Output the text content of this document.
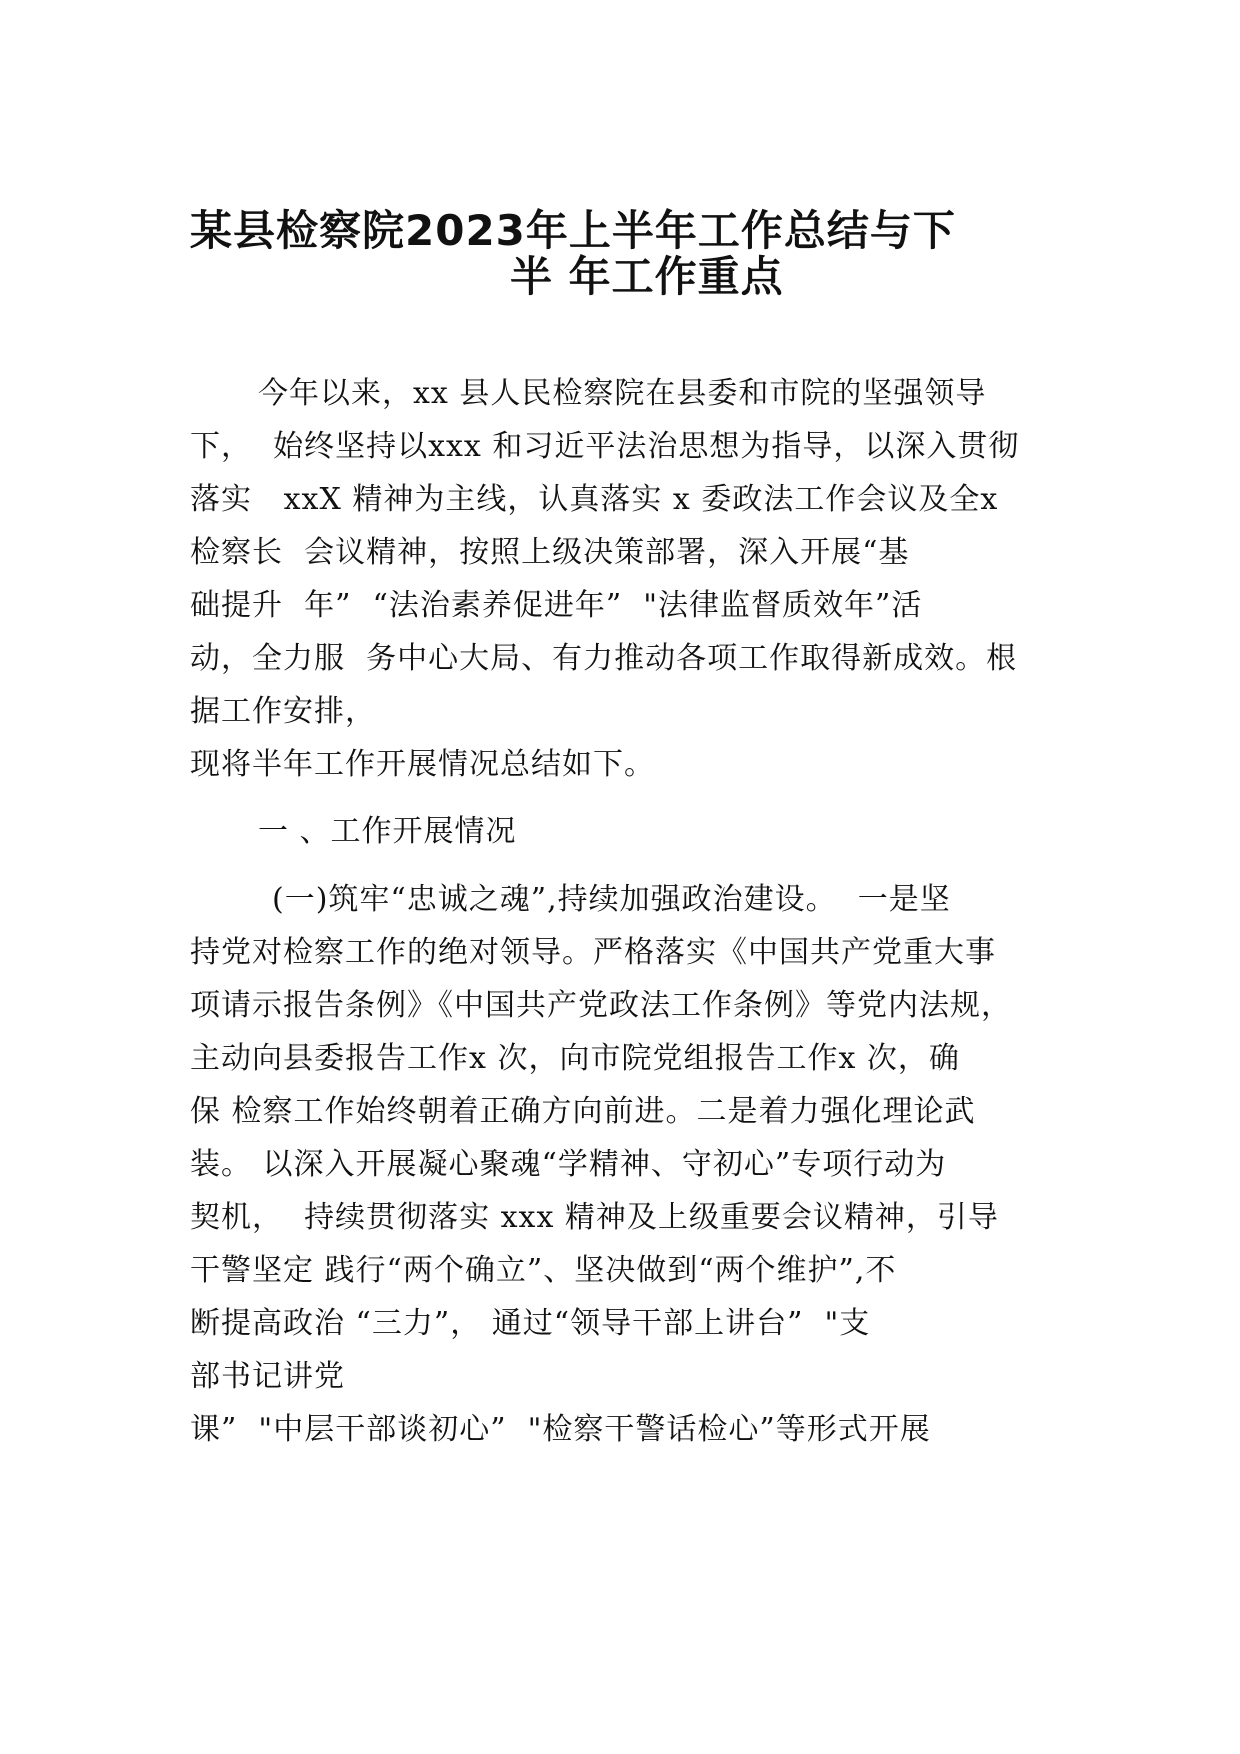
某县检察院2023年上半年工作总结与下
半 年工作重点

今年以来，xx 县人民检察院在县委和市院的坚强领导

下，  始终坚持以xxx 和习近平法治思想为指导，以深入贯彻

落实   xxX 精神为主线，认真落实 x 委政法工作会议及全x

检察长  会议精神，按照上级决策部署，深入开展“基

础提升  年”  “法治素养促进年”  "法律监督质效年”活

动，全力服  务中心大局、有力推动各项工作取得新成效。根

据工作安排，

现将半年工作开展情况总结如下。

一 、工作开展情况

(一)筑牢“忠诚之魂”,持续加强政治建设。  一是坚

持党对检察工作的绝对领导。严格落实《中国共产党重大事

项请示报告条例》《中国共产党政法工作条例》等党内法规，

主动向县委报告工作x 次，向市院党组报告工作x 次，确

保 检察工作始终朝着正确方向前进。二是着力强化理论武

装。 以深入开展凝心聚魂“学精神、守初心”专项行动为

契机，  持续贯彻落实 xxx 精神及上级重要会议精神，引导

干警坚定 践行“两个确立”、坚决做到“两个维护”,不

断提高政治 “三力”， 通过“领导干部上讲台”  "支

部书记讲党

课”  "中层干部谈初心”  "检察干警话检心”等形式开展
